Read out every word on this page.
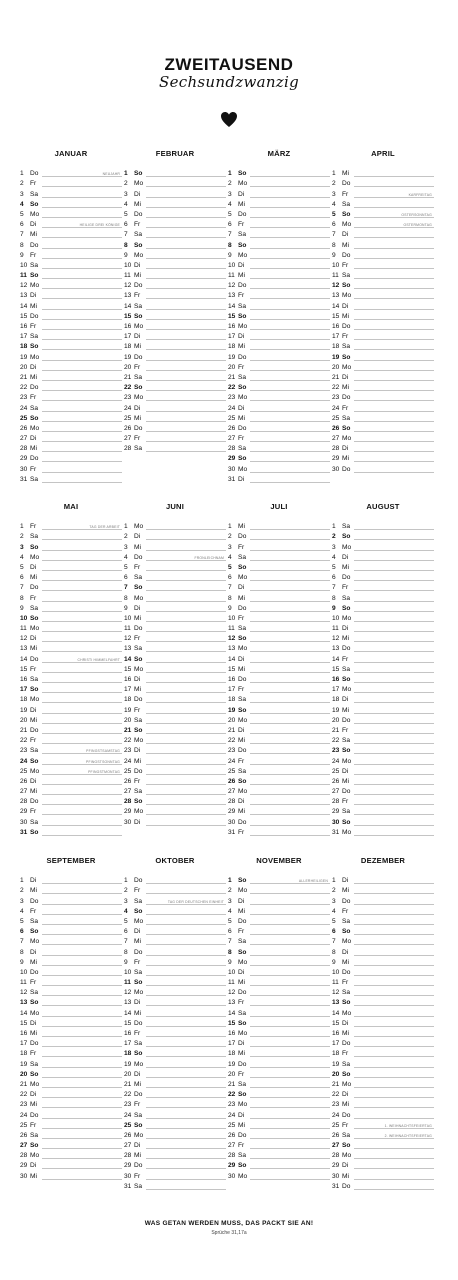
ZWEITAUSEND
Sechsundzwanzig
JANUAR
1 Do	NEUJAHR
2 Fr
3 Sa
4 So
5 Mo
6 Di	HEILIGE DREI KÖNIGE
7 Mi
8 Do
9 Fr
10 Sa
11 So
12 Mo
13 Di
14 Mi
15 Do
16 Fr
17 Sa
18 So
19 Mo
20 Di
21 Mi
22 Do
23 Fr
24 Sa
25 So
26 Mo
27 Di
28 Mi
29 Do
30 Fr
31 Sa
FEBRUAR
1 So
2 Mo
3 Di
4 Mi
5 Do
6 Fr
7 Sa
8 So
9 Mo
10 Di
11 Mi
12 Do
13 Fr
14 Sa
15 So
16 Mo
17 Di
18 Mi
19 Do
20 Fr
21 Sa
22 So
23 Mo
24 Di
25 Mi
26 Do
27 Fr
28 Sa
MÄRZ
1 So
2 Mo
3 Di
4 Mi
5 Do
6 Fr
7 Sa
8 So
9 Mo
10 Di
11 Mi
12 Do
13 Fr
14 Sa
15 So
16 Mo
17 Di
18 Mi
19 Do
20 Fr
21 Sa
22 So
23 Mo
24 Di
25 Mi
26 Do
27 Fr
28 Sa
29 So
30 Mo
31 Di
APRIL
1 Mi
2 Do
3 Fr	KARFREITAG
4 Sa
5 So	OSTERSONNTAG
6 Mo	OSTERMONTAG
7 Di
8 Mi
9 Do
10 Fr
11 Sa
12 So
13 Mo
14 Di
15 Mi
16 Do
17 Fr
18 Sa
19 So
20 Mo
21 Di
22 Mi
23 Do
24 Fr
25 Sa
26 So
27 Mo
28 Di
29 Mi
30 Do
MAI
1 Fr	TAG DER ARBEIT
2 Sa
3 So
4 Mo
5 Di
6 Mi
7 Do
8 Fr
9 Sa
10 So
11 Mo
12 Di
13 Mi
14 Do	CHRISTI HIMMELFAHRT
15 Fr
16 Sa
17 So
18 Mo
19 Di
20 Mi
21 Do
22 Fr
23 Sa	PFINGSTSAMSTAG
24 So	PFINGSTSONNTAG
25 Mo	PFINGSTMONTAG
26 Di
27 Mi
28 Do
29 Fr
30 Sa
31 So
JUNI
1 Mo
2 Di
3 Mi
4 Do	FRONLEICHNAM
5 Fr
6 Sa
7 So
8 Mo
9 Di
10 Mi
11 Do
12 Fr
13 Sa
14 So
15 Mo
16 Di
17 Mi
18 Do
19 Fr
20 Sa
21 So
22 Mo
23 Di
24 Mi
25 Do
26 Fr
27 Sa
28 So
29 Mo
30 Di
JULI
1 Mi
2 Do
3 Fr
4 Sa
5 So
6 Mo
7 Di
8 Mi
9 Do
10 Fr
11 Sa
12 So
13 Mo
14 Di
15 Mi
16 Do
17 Fr
18 Sa
19 So
20 Mo
21 Di
22 Mi
23 Do
24 Fr
25 Sa
26 So
27 Mo
28 Di
29 Mi
30 Do
31 Fr
AUGUST
1 Sa
2 So
3 Mo
4 Di
5 Mi
6 Do
7 Fr
8 Sa
9 So
10 Mo
11 Di
12 Mi
13 Do
14 Fr
15 Sa
16 So
17 Mo
18 Di
19 Mi
20 Do
21 Fr
22 Sa
23 So
24 Mo
25 Di
26 Mi
27 Do
28 Fr
29 Sa
30 So
31 Mo
SEPTEMBER
1 Di
2 Mi
3 Do
4 Fr
5 Sa
6 So
7 Mo
8 Di
9 Mi
10 Do
11 Fr
12 Sa
13 So
14 Mo
15 Di
16 Mi
17 Do
18 Fr
19 Sa
20 So
21 Mo
22 Di
23 Mi
24 Do
25 Fr
26 Sa
27 So
28 Mo
29 Di
30 Mi
OKTOBER
1 Do
2 Fr
3 Sa	TAG DER DEUTSCHEN EINHEIT
4 So
5 Mo
6 Di
7 Mi
8 Do
9 Fr
10 Sa
11 So
12 Mo
13 Di
14 Mi
15 Do
16 Fr
17 Sa
18 So
19 Mo
20 Di
21 Mi
22 Do
23 Fr
24 Sa
25 So
26 Mo
27 Di
28 Mi
29 Do
30 Fr
31 Sa
NOVEMBER
1 So	ALLERHEILIGEN
2 Mo
3 Di
4 Mi
5 Do
6 Fr
7 Sa
8 So
9 Mo
10 Di
11 Mi
12 Do
13 Fr
14 Sa
15 So
16 Mo
17 Di
18 Mi
19 Do
20 Fr
21 Sa
22 So
23 Mo
24 Di
25 Mi
26 Do
27 Fr
28 Sa
29 So
30 Mo
DEZEMBER
1 Di
2 Mi
3 Do
4 Fr
5 Sa
6 So
7 Mo
8 Di
9 Mi
10 Do
11 Fr
12 Sa
13 So
14 Mo
15 Di
16 Mi
17 Do
18 Fr
19 Sa
20 So
21 Mo
22 Di
23 Mi
24 Do
25 Fr	1. WEIHNACHTSFEIERTAG
26 Sa	2. WEIHNACHTSFEIERTAG
27 So
28 Mo
29 Di
30 Mi
31 Do
WAS GETAN WERDEN MUSS, DAS PACKT SIE AN!
Sprüche 31,17a
